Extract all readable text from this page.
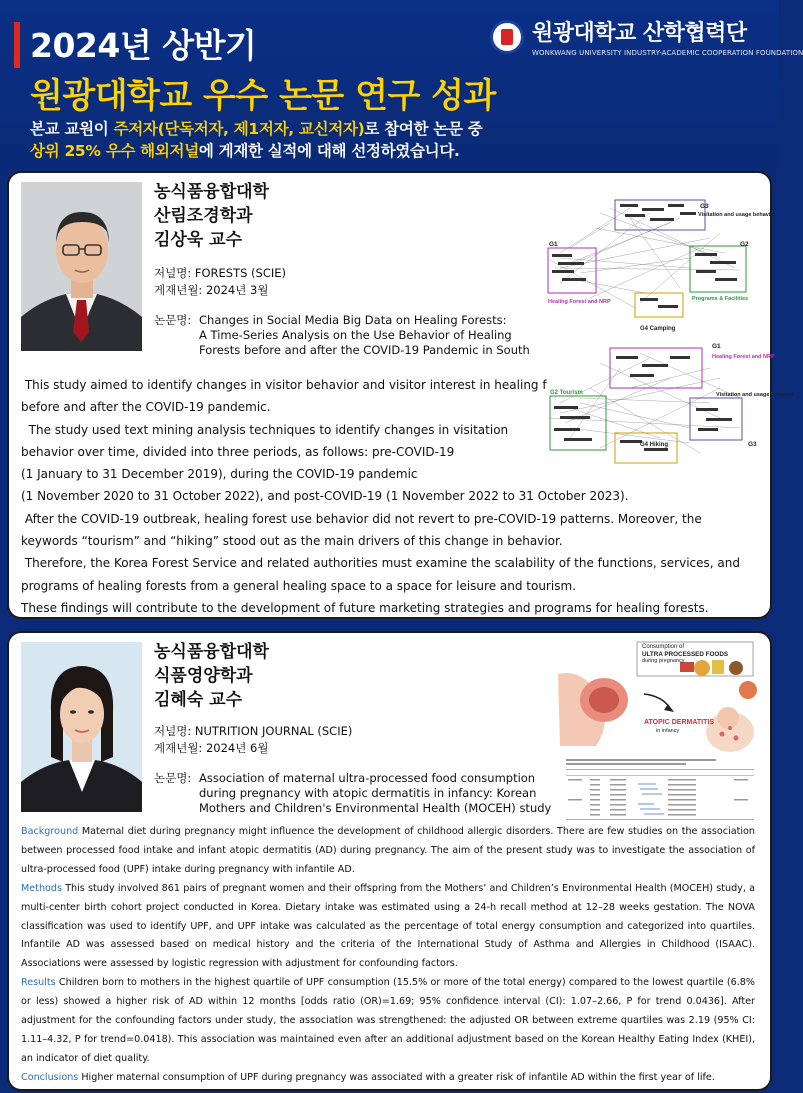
2024년 상반기
원광대학교 우수 논문 연구 성과
원광대학교 산학협력단
WONKWANG UNIVERSITY INDUSTRY-ACADEMIC COOPERATION FOUNDATION
본교 교원이 주저자(단독저자, 제1저자, 교신저자)로 참여한 논문 중
상위 25% 우수 해외저널에 게재한 실적에 대해 선정하였습니다.
농식품융합대학
산림조경학과
김상욱 교수
저널명: FORESTS (SCIE)
게재년월: 2024년 3월
논문명: Changes in Social Media Big Data on Healing Forests:
A Time-Series Analysis on the Use Behavior of Healing
Forests before and after the COVID-19 Pandemic in South
G3
Visitation and usage behavior
G1
Healing Forest and NRP
G4 Camping
G2
Programs & Facilities
G1
Healing Forest and NRP
G2 Tourism	Visitation and usage behavior
G3
G4 Hiking

This study aimed to identify changes in visitor behavior and visitor interest in healing f

before and after the COVID-19 pandemic.

The study used text mining analysis techniques to identify changes in visitation

behavior over time, divided into three periods, as follows: pre-COVID-19

(1 January to 31 December 2019), during the COVID-19 pandemic

(1 November 2020 to 31 October 2022), and post-COVID-19 (1 November 2022 to 31 October 2023).

After the COVID-19 outbreak, healing forest use behavior did not revert to pre-COVID-19 patterns. Moreover, the

keywords “tourism” and “hiking” stood out as the main drivers of this change in behavior.

Therefore, the Korea Forest Service and related authorities must examine the scalability of the functions, services, and

programs of healing forests from a general healing space to a space for leisure and tourism.

These findings will contribute to the development of future marketing strategies and programs for healing forests.

농식품융합대학
식품영양학과
김혜숙 교수
저널명: NUTRITION JOURNAL (SCIE)
게재년월: 2024년 6월
논문명: Association of maternal ultra-processed food consumption
during pregnancy with atopic dermatitis in infancy: Korean
Mothers and Children's Environmental Health (MOCEH) study
Consumption of
ULTRA PROCESSED FOODS
during pregnancy
ATOPIC DERMATITIS
in infancy

Background Maternal diet during pregnancy might influence the development of childhood allergic disorders. There are few studies on the association between processed food intake and infant atopic dermatitis (AD) during pregnancy. The aim of the present study was to investigate the association of ultra-processed food (UPF) intake during pregnancy with infantile AD.

Methods This study involved 861 pairs of pregnant women and their offspring from the Mothers’ and Children’s Environmental Health (MOCEH) study, a multi-center birth cohort project conducted in Korea. Dietary intake was estimated using a 24-h recall method at 12–28 weeks gestation. The NOVA classification was used to identify UPF, and UPF intake was calculated as the percentage of total energy consumption and categorized into quartiles. Infantile AD was assessed based on medical history and the criteria of the International Study of Asthma and Allergies in Childhood (ISAAC). Associations were assessed by logistic regression with adjustment for confounding factors.

Results Children born to mothers in the highest quartile of UPF consumption (15.5% or more of the total energy) compared to the lowest quartile (6.8% or less) showed a higher risk of AD within 12 months [odds ratio (OR)=1.69; 95% confidence interval (CI): 1.07–2.66, P for trend 0.0436]. After adjustment for the confounding factors under study, the association was strengthened: the adjusted OR between extreme quartiles was 2.19 (95% CI: 1.11–4.32, P for trend=0.0418). This association was maintained even after an additional adjustment based on the Korean Healthy Eating Index (KHEI), an indicator of diet quality.

Conclusions Higher maternal consumption of UPF during pregnancy was associated with a greater risk of infantile AD within the first year of life.
